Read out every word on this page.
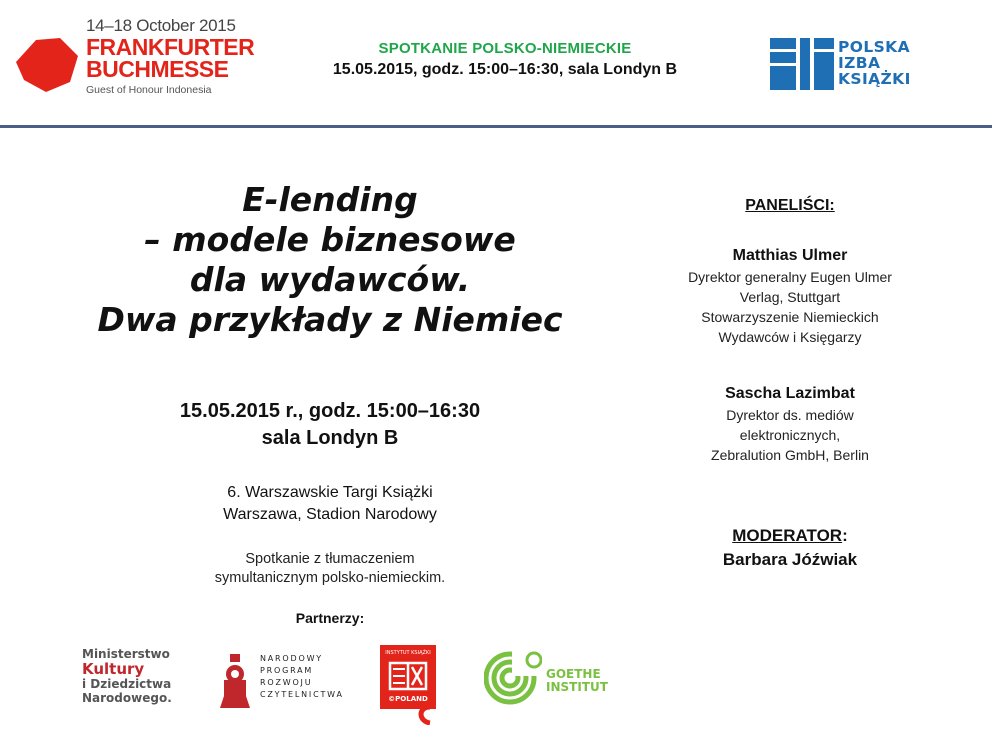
14–18 October 2015
FRANKFURTER
BUCHMESSE
Guest of Honour Indonesia
SPOTKANIE POLSKO-NIEMIECKIE
15.05.2015, godz. 15:00–16:30, sala Londyn B
POLSKA
IZBA
KSIĄŻKI
E-lending
– modele biznesowe
dla wydawców.
Dwa przykłady z Niemiec
15.05.2015 r., godz. 15:00–16:30
sala Londyn B
6. Warszawskie Targi Książki
Warszawa, Stadion Narodowy
Spotkanie z tłumaczeniem
symultanicznym polsko-niemieckim.
Partnerzy:
Ministerstwo
Kultury
i Dziedzictwa
Narodowego.
NARODOWY
PROGRAM
ROZWOJU
CZYTELNICTWA
INSTYTUT KSIĄŻKI
©POLAND
GOETHE
INSTITUT
PANELIŚCI:
Matthias Ulmer
Dyrektor generalny Eugen Ulmer
Verlag, Stuttgart
Stowarzyszenie Niemieckich
Wydawców i Księgarzy
Sascha Lazimbat
Dyrektor ds. mediów
elektronicznych,
Zebralution GmbH, Berlin
MODERATOR:
Barbara Jóźwiak
